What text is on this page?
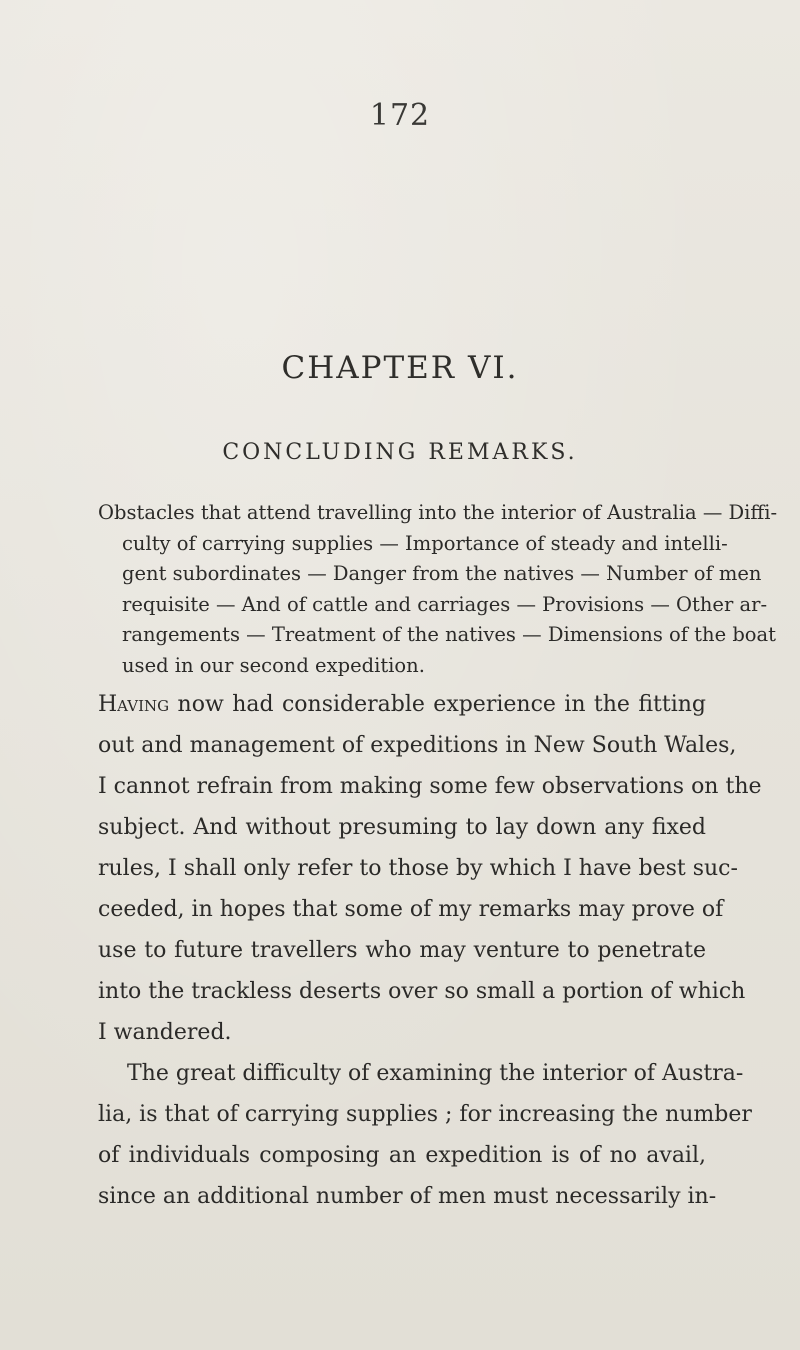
172
CHAPTER VI.
CONCLUDING REMARKS.
Obstacles that attend travelling into the interior of Australia — Diffi-
culty of carrying supplies — Importance of steady and intelli-
gent subordinates — Danger from the natives — Number of men
requisite — And of cattle and carriages — Provisions — Other ar-
rangements — Treatment of the natives — Dimensions of the boat
used in our second expedition.
Having now had considerable experience in the fitting
out and management of expeditions in New South Wales,
I cannot refrain from making some few observations on the
subject. And without presuming to lay down any fixed
rules, I shall only refer to those by which I have best suc-
ceeded, in hopes that some of my remarks may prove of
use to future travellers who may venture to penetrate
into the trackless deserts over so small a portion of which
I wandered.
The great difficulty of examining the interior of Austra-
lia, is that of carrying supplies ; for increasing the number
of individuals composing an expedition is of no avail,
since an additional number of men must necessarily in-
